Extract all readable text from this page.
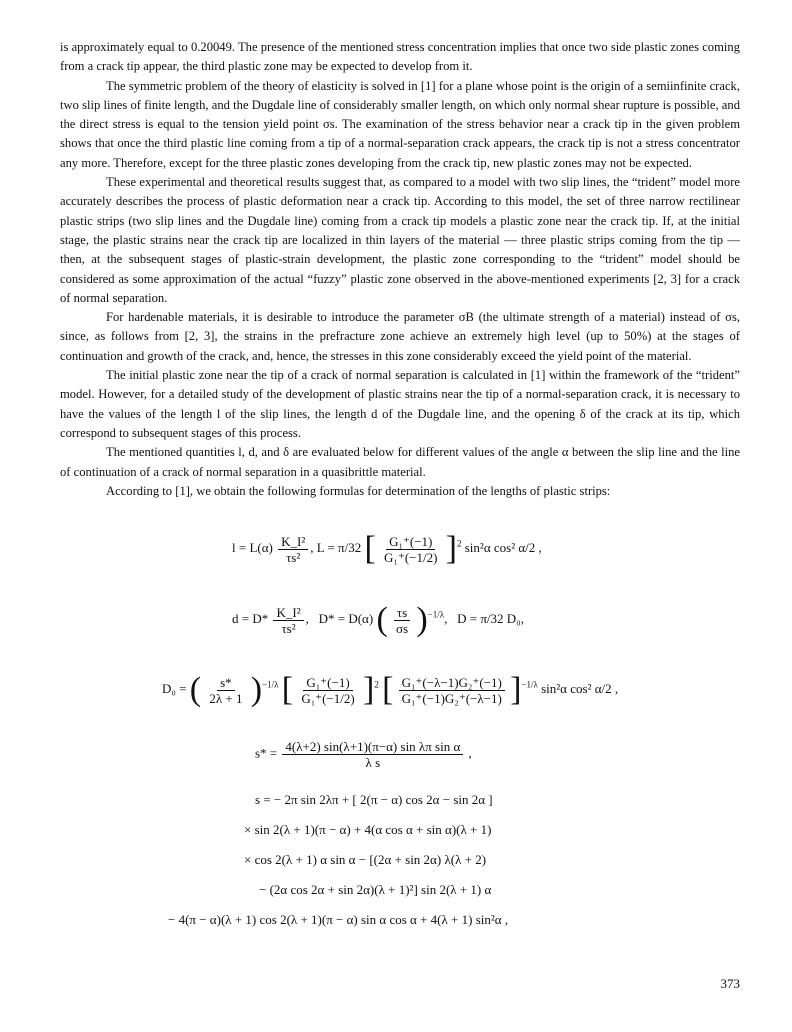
is approximately equal to 0.20049. The presence of the mentioned stress concentration implies that once two side plastic zones coming from a crack tip appear, the third plastic zone may be expected to develop from it.

The symmetric problem of the theory of elasticity is solved in [1] for a plane whose point is the origin of a semiinfinite crack, two slip lines of finite length, and the Dugdale line of considerably smaller length, on which only normal shear rupture is possible, and the direct stress is equal to the tension yield point σs. The examination of the stress behavior near a crack tip in the given problem shows that once the third plastic line coming from a tip of a normal-separation crack appears, the crack tip is not a stress concentrator any more. Therefore, except for the three plastic zones developing from the crack tip, new plastic zones may not be expected.

These experimental and theoretical results suggest that, as compared to a model with two slip lines, the “trident” model more accurately describes the process of plastic deformation near a crack tip. According to this model, the set of three narrow rectilinear plastic strips (two slip lines and the Dugdale line) coming from a crack tip models a plastic zone near the crack tip. If, at the initial stage, the plastic strains near the crack tip are localized in thin layers of the material — three plastic strips coming from the tip — then, at the subsequent stages of plastic-strain development, the plastic zone corresponding to the “trident” model should be considered as some approximation of the actual “fuzzy” plastic zone observed in the above-mentioned experiments [2, 3] for a crack of normal separation.

For hardenable materials, it is desirable to introduce the parameter σB (the ultimate strength of a material) instead of σs, since, as follows from [2, 3], the strains in the prefracture zone achieve an extremely high level (up to 50%) at the stages of continuation and growth of the crack, and, hence, the stresses in this zone considerably exceed the yield point of the material.

The initial plastic zone near the tip of a crack of normal separation is calculated in [1] within the framework of the “trident” model. However, for a detailed study of the development of plastic strains near the tip of a normal-separation crack, it is necessary to have the values of the length l of the slip lines, the length d of the Dugdale line, and the opening δ of the crack at its tip, which correspond to subsequent stages of this process.

The mentioned quantities l, d, and δ are evaluated below for different values of the angle α between the slip line and the line of continuation of a crack of normal separation in a quasibrittle material.

According to [1], we obtain the following formulas for determination of the lengths of plastic strips:

$l = L(\alpha) \frac{\text{K\_I²}}{\text{τs²}}$ , L = π/32 [ $\frac{\text{G₁⁺(−1)}}{\text{G₁⁺(−1/2)}} ]^2$ sin²α cos² α/2 ,
$d = D* \frac{\text{K\_I²}}{\text{τs²}}$ ,   D* = D(α) ( $\frac{\tau s}{\sigma s} )^{-1/\lambda}$,   D = π/32 D₀,
D₀ = ( $\frac{s*}{2\lambda + 1} )^{-1/\lambda}$ [ $\frac{\text{G₁⁺(−1)}}{\text{G₁⁺(−1/2)}} ]^2$ [ $\frac{\text{G₁⁺(−λ−1)G₂⁺(−1)}}{\text{G₁⁺(−1)G₂⁺(−λ−1)}} ]^{-1/\lambda}$ sin²α cos² α/2 ,
$s* = \frac{\text{4(λ+2) sin(λ+1)(π−α) sin λπ sin α}}{\text{λ s}}$ ,
s = − 2π sin 2λπ + [ 2(π − α) cos 2α − sin 2α ]
× sin 2(λ + 1)(π − α) + 4(α cos α + sin α)(λ + 1)
× cos 2(λ + 1) α sin α − [(2α + sin 2α) λ(λ + 2)
− (2α cos 2α + sin 2α)(λ + 1)²] sin 2(λ + 1) α
− 4(π − α)(λ + 1) cos 2(λ + 1)(π − α) sin α cos α + 4(λ + 1) sin²α ,
373
